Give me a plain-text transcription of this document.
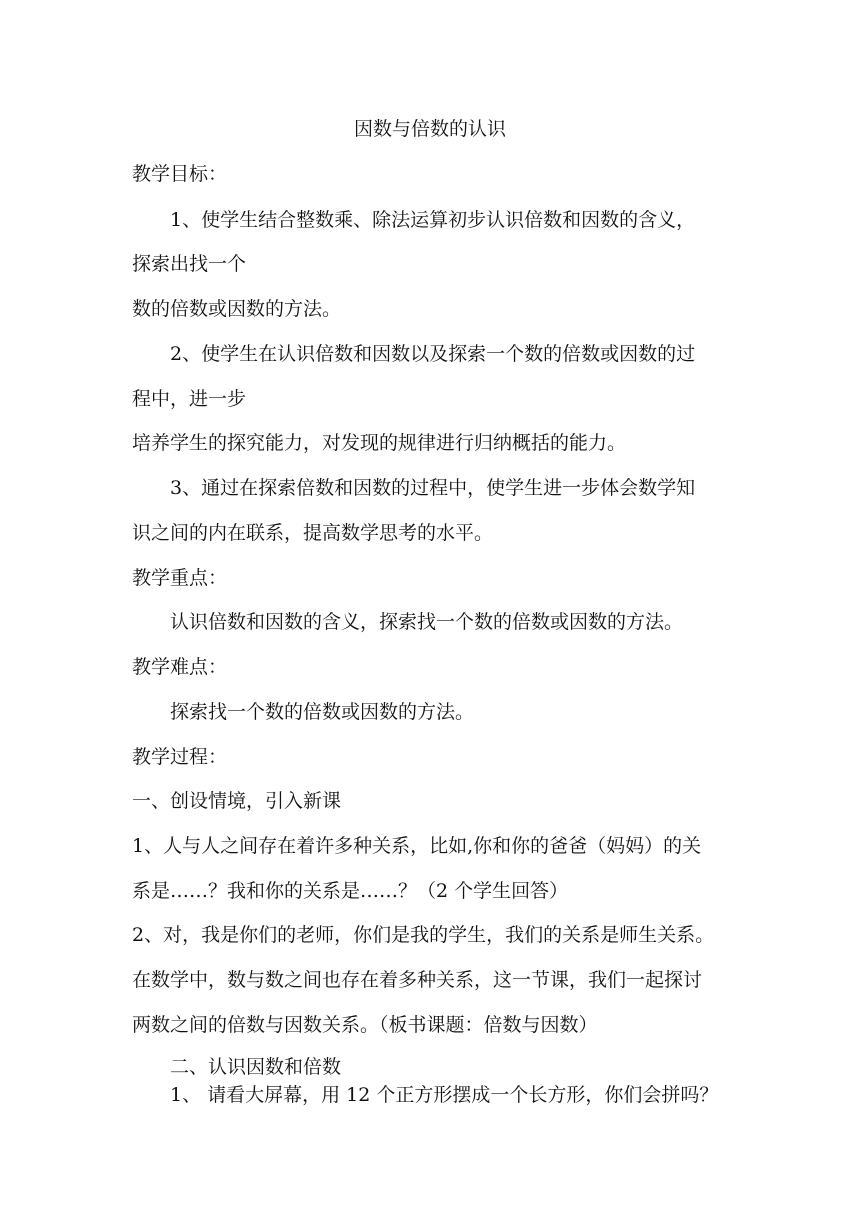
因数与倍数的认识
教学目标：
1、使学生结合整数乘、除法运算初步认识倍数和因数的含义，
探索出找一个
数的倍数或因数的方法。
2、使学生在认识倍数和因数以及探索一个数的倍数或因数的过
程中，进一步
培养学生的探究能力，对发现的规律进行归纳概括的能力。
3、通过在探索倍数和因数的过程中，使学生进一步体会数学知
识之间的内在联系，提高数学思考的水平。
教学重点：
认识倍数和因数的含义，探索找一个数的倍数或因数的方法。
教学难点：
探索找一个数的倍数或因数的方法。
教学过程：
一、创设情境，引入新课
1、人与人之间存在着许多种关系，比如,你和你的爸爸（妈妈）的关
系是……？我和你的关系是……？（2 个学生回答）
2、对，我是你们的老师，你们是我的学生，我们的关系是师生关系。
在数学中，数与数之间也存在着多种关系，这一节课，我们一起探讨
两数之间的倍数与因数关系。（板书课题：倍数与因数）
二、认识因数和倍数
1、 请看大屏幕，用 12 个正方形摆成一个长方形，你们会拼吗？
